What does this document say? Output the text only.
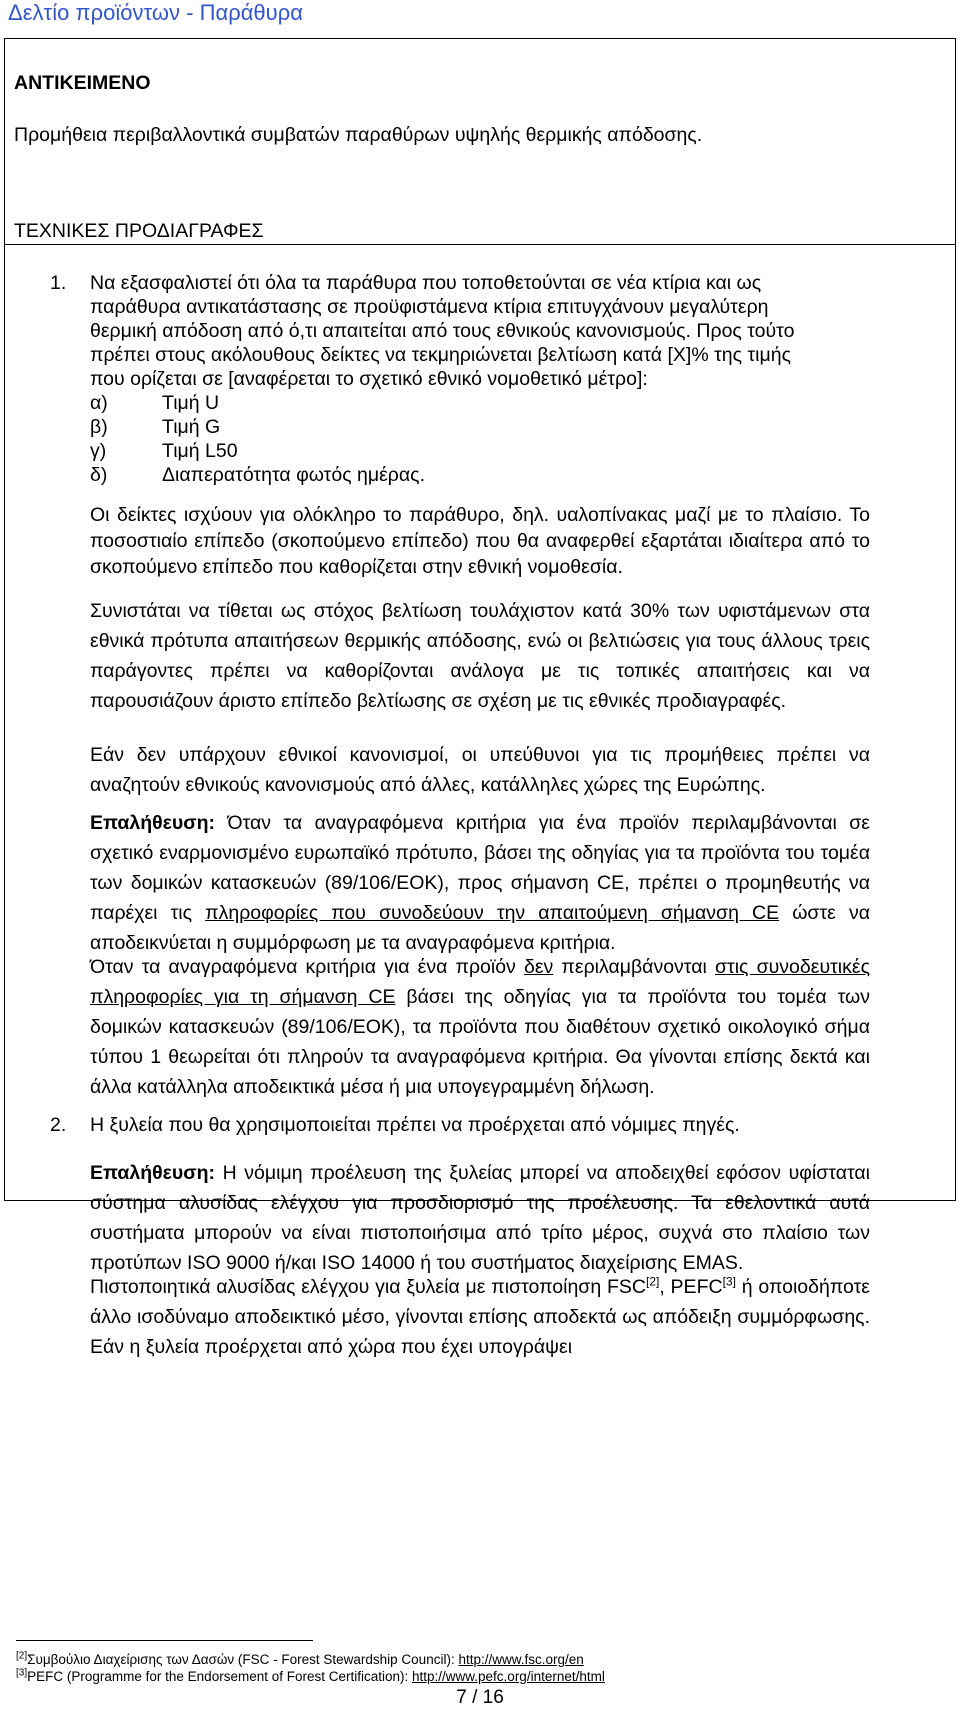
Δελτίο προϊόντων - Παράθυρα
ΑΝΤΙΚΕΙΜΕΝΟ
Προμήθεια περιβαλλοντικά συμβατών παραθύρων υψηλής θερμικής απόδοσης.
ΤΕΧΝΙΚΕΣ ΠΡΟΔΙΑΓΡΑΦΕΣ
1. Να εξασφαλιστεί ότι όλα τα παράθυρα που τοποθετούνται σε νέα κτίρια και ως
παράθυρα αντικατάστασης σε προϋφιστάμενα κτίρια επιτυγχάνουν μεγαλύτερη
θερμική απόδοση από ό,τι απαιτείται από τους εθνικούς κανονισμούς. Προς τούτο
πρέπει στους ακόλουθους δείκτες να τεκμηριώνεται βελτίωση κατά [X]% της τιμής
που ορίζεται σε [αναφέρεται το σχετικό εθνικό νομοθετικό μέτρο]:
α)	Τιμή U
β)	Τιμή G
γ)	Τιμή L50
δ)	Διαπερατότητα φωτός ημέρας.
Οι δείκτες ισχύουν για ολόκληρο το παράθυρο, δηλ. υαλοπίνακας μαζί με το πλαίσιο. Το ποσοστιαίο επίπεδο (σκοπούμενο επίπεδο) που θα αναφερθεί εξαρτάται ιδιαίτερα από το σκοπούμενο επίπεδο που καθορίζεται στην εθνική νομοθεσία.
Συνιστάται να τίθεται ως στόχος βελτίωση τουλάχιστον κατά 30% των υφιστάμενων στα εθνικά πρότυπα απαιτήσεων θερμικής απόδοσης, ενώ οι βελτιώσεις για τους άλλους τρεις παράγοντες πρέπει να καθορίζονται ανάλογα με τις τοπικές απαιτήσεις και να παρουσιάζουν άριστο επίπεδο βελτίωσης σε σχέση με τις εθνικές προδιαγραφές.
Εάν δεν υπάρχουν εθνικοί κανονισμοί, οι υπεύθυνοι για τις προμήθειες πρέπει να αναζητούν εθνικούς κανονισμούς από άλλες, κατάλληλες χώρες της Ευρώπης.
Επαλήθευση: Όταν τα αναγραφόμενα κριτήρια για ένα προϊόν περιλαμβάνονται σε σχετικό εναρμονισμένο ευρωπαϊκό πρότυπο, βάσει της οδηγίας για τα προϊόντα του τομέα των δομικών κατασκευών (89/106/ΕΟΚ), προς σήμανση CE, πρέπει ο προμηθευτής να παρέχει τις πληροφορίες που συνοδεύουν την απαιτούμενη σήμανση CE ώστε να αποδεικνύεται η συμμόρφωση με τα αναγραφόμενα κριτήρια.
Όταν τα αναγραφόμενα κριτήρια για ένα προϊόν δεν περιλαμβάνονται στις συνοδευτικές πληροφορίες για τη σήμανση CE βάσει της οδηγίας για τα προϊόντα του τομέα των δομικών κατασκευών (89/106/ΕΟΚ), τα προϊόντα που διαθέτουν σχετικό οικολογικό σήμα τύπου 1 θεωρείται ότι πληρούν τα αναγραφόμενα κριτήρια. Θα γίνονται επίσης δεκτά και άλλα κατάλληλα αποδεικτικά μέσα ή μια υπογεγραμμένη δήλωση.
2. Η ξυλεία που θα χρησιμοποιείται πρέπει να προέρχεται από νόμιμες πηγές.
Επαλήθευση: Η νόμιμη προέλευση της ξυλείας μπορεί να αποδειχθεί εφόσον υφίσταται σύστημα αλυσίδας ελέγχου για προσδιορισμό της προέλευσης. Τα εθελοντικά αυτά συστήματα μπορούν να είναι πιστοποιήσιμα από τρίτο μέρος, συχνά στο πλαίσιο των προτύπων ISO 9000 ή/και ISO 14000 ή του συστήματος διαχείρισης EMAS.
Πιστοποιητικά αλυσίδας ελέγχου για ξυλεία με πιστοποίηση FSC[2], PEFC[3] ή οποιοδήποτε άλλο ισοδύναμο αποδεικτικό μέσο, γίνονται επίσης αποδεκτά ως απόδειξη συμμόρφωσης. Εάν η ξυλεία προέρχεται από χώρα που έχει υπογράψει
[2]Συμβούλιο Διαχείρισης των Δασών (FSC - Forest Stewardship Council): http://www.fsc.org/en
[3]PEFC (Programme for the Endorsement of Forest Certification): http://www.pefc.org/internet/html
7 / 16
